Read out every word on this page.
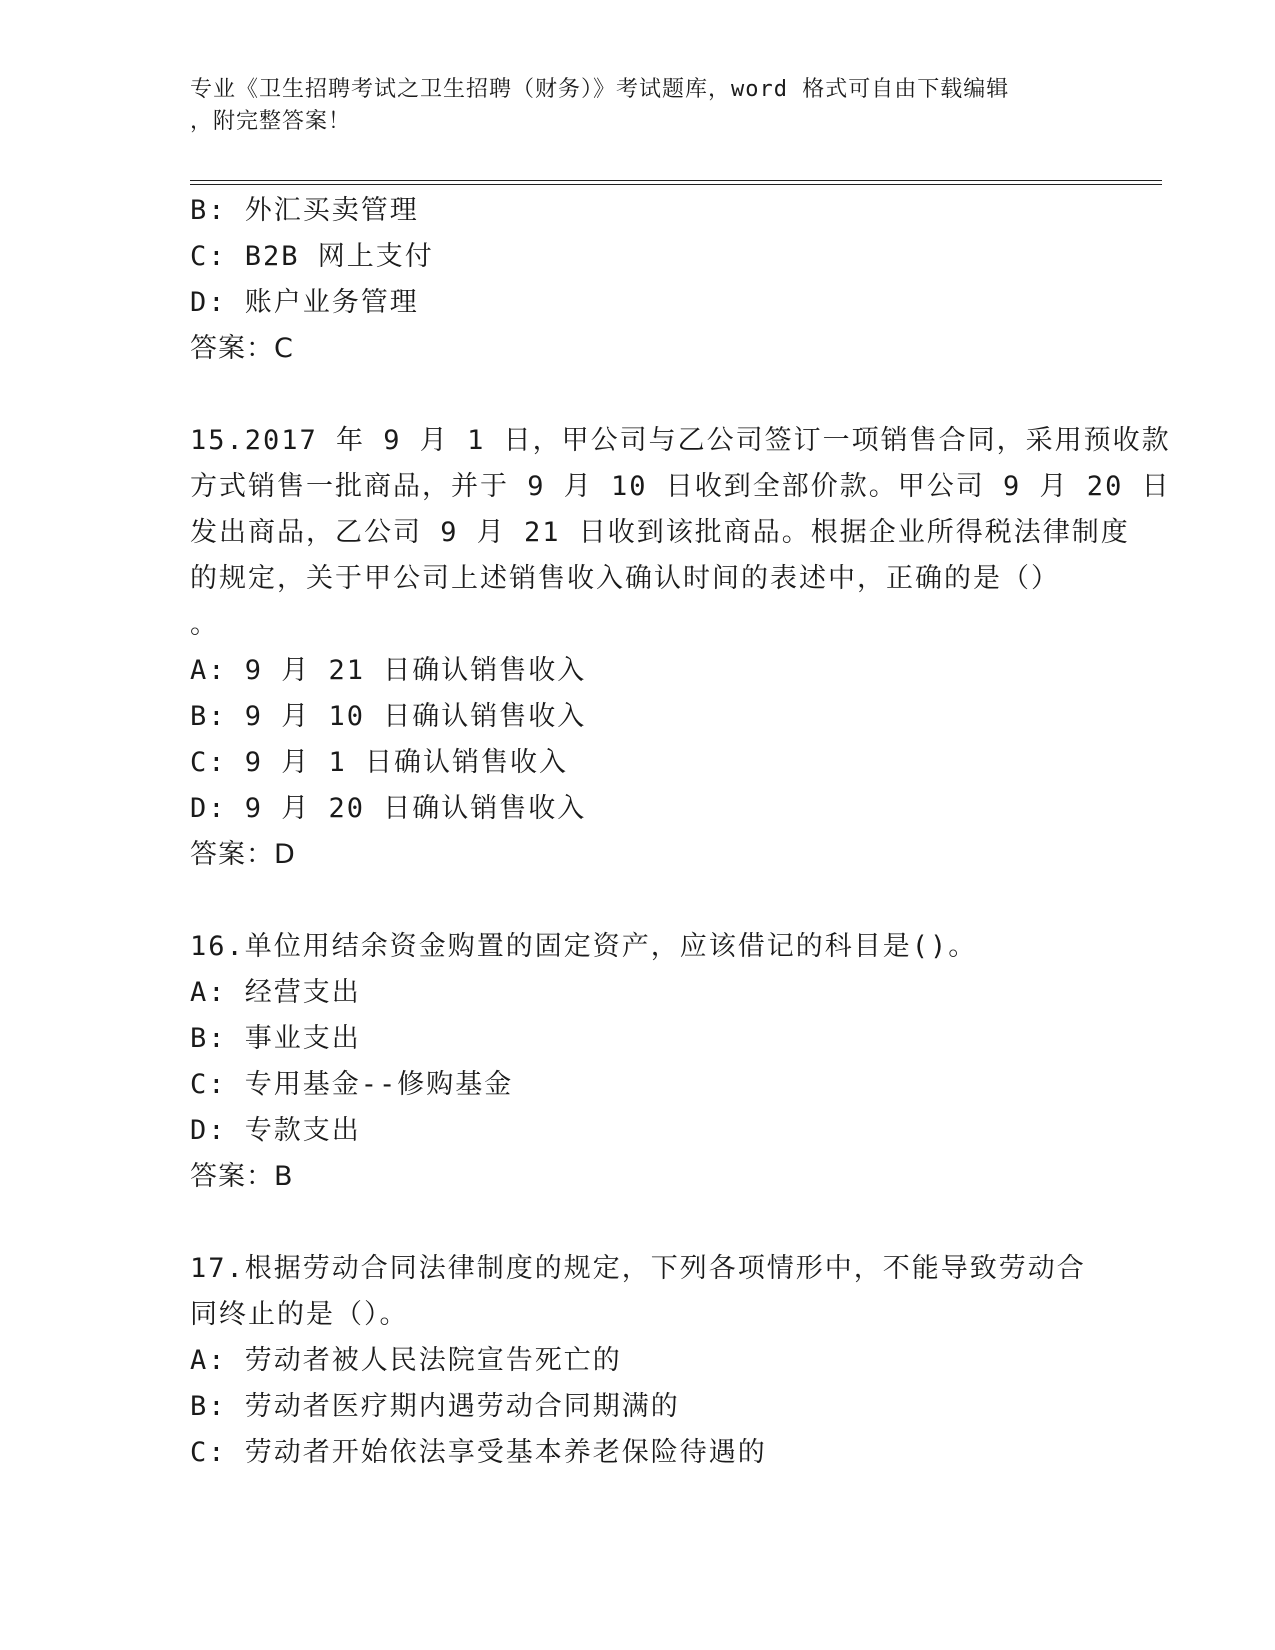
专业《卫生招聘考试之卫生招聘（财务）》考试题库，word 格式可自由下载编辑
，附完整答案！
B: 外汇买卖管理
C: B2B 网上支付
D: 账户业务管理
答案：C
15.2017 年 9 月 1 日，甲公司与乙公司签订一项销售合同，采用预收款
方式销售一批商品，并于 9 月 10 日收到全部价款。甲公司 9 月 20 日
发出商品，乙公司 9 月 21 日收到该批商品。根据企业所得税法律制度
的规定，关于甲公司上述销售收入确认时间的表述中，正确的是（）
。
A: 9 月 21 日确认销售收入
B: 9 月 10 日确认销售收入
C: 9 月 1 日确认销售收入
D: 9 月 20 日确认销售收入
答案：D
16.单位用结余资金购置的固定资产，应该借记的科目是()。
A: 经营支出
B: 事业支出
C: 专用基金--修购基金
D: 专款支出
答案：B
17.根据劳动合同法律制度的规定，下列各项情形中，不能导致劳动合
同终止的是（）。
A: 劳动者被人民法院宣告死亡的
B: 劳动者医疗期内遇劳动合同期满的
C: 劳动者开始依法享受基本养老保险待遇的
